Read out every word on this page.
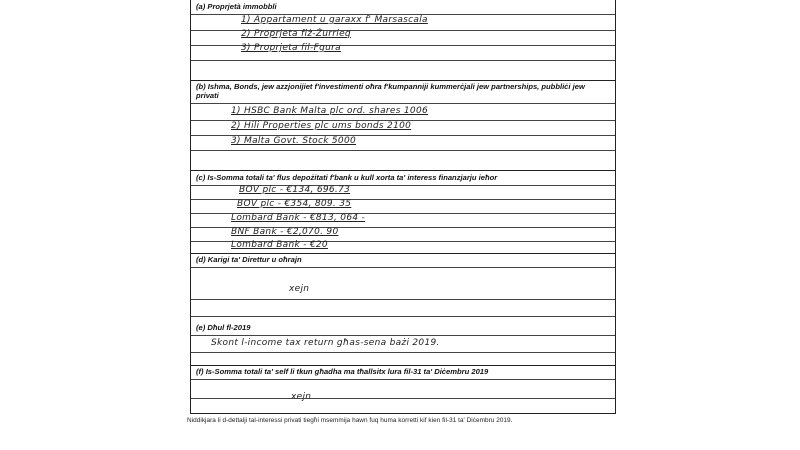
(a) Proprjetà immobbli
1) Appartament u garaxx f' Marsascala
2) Proprjeta fiż-Żurrieq
3) Proprjeta fil-Fgura
(b) Ishma, Bonds, jew azzjonijiet f'investimenti oħra f'kumpanniji kummerċjali jew partnerships, pubbliċi jew
privati
1) HSBC Bank Malta plc ord. shares 1006
2) Hili Properties plc ums bonds 2100
3) Malta Govt. Stock 5000
(c) Is-Somma totali ta' flus depożitati f'bank u kull xorta ta' interess finanzjarju ieħor
BOV plc - €134, 696.73
BOV plc - €354, 809. 35
Lombard Bank - €813, 064 -
BNF Bank - €2,070. 90
Lombard Bank - €20
(d) Karigi ta' Direttur u oħrajn
xejn
(e) Dħul fl-2019
Skont l-income tax return għas-sena bażi 2019.
(f) Is-Somma totali ta' self li tkun għadha ma tħallsitx lura fil-31 ta' Diċembru 2019
xejn
Niddikjara li d-dettalji tal-interessi privati tiegħi msemmija hawn fuq huma korretti kif kien fil-31 ta' Diċembru 2019.
